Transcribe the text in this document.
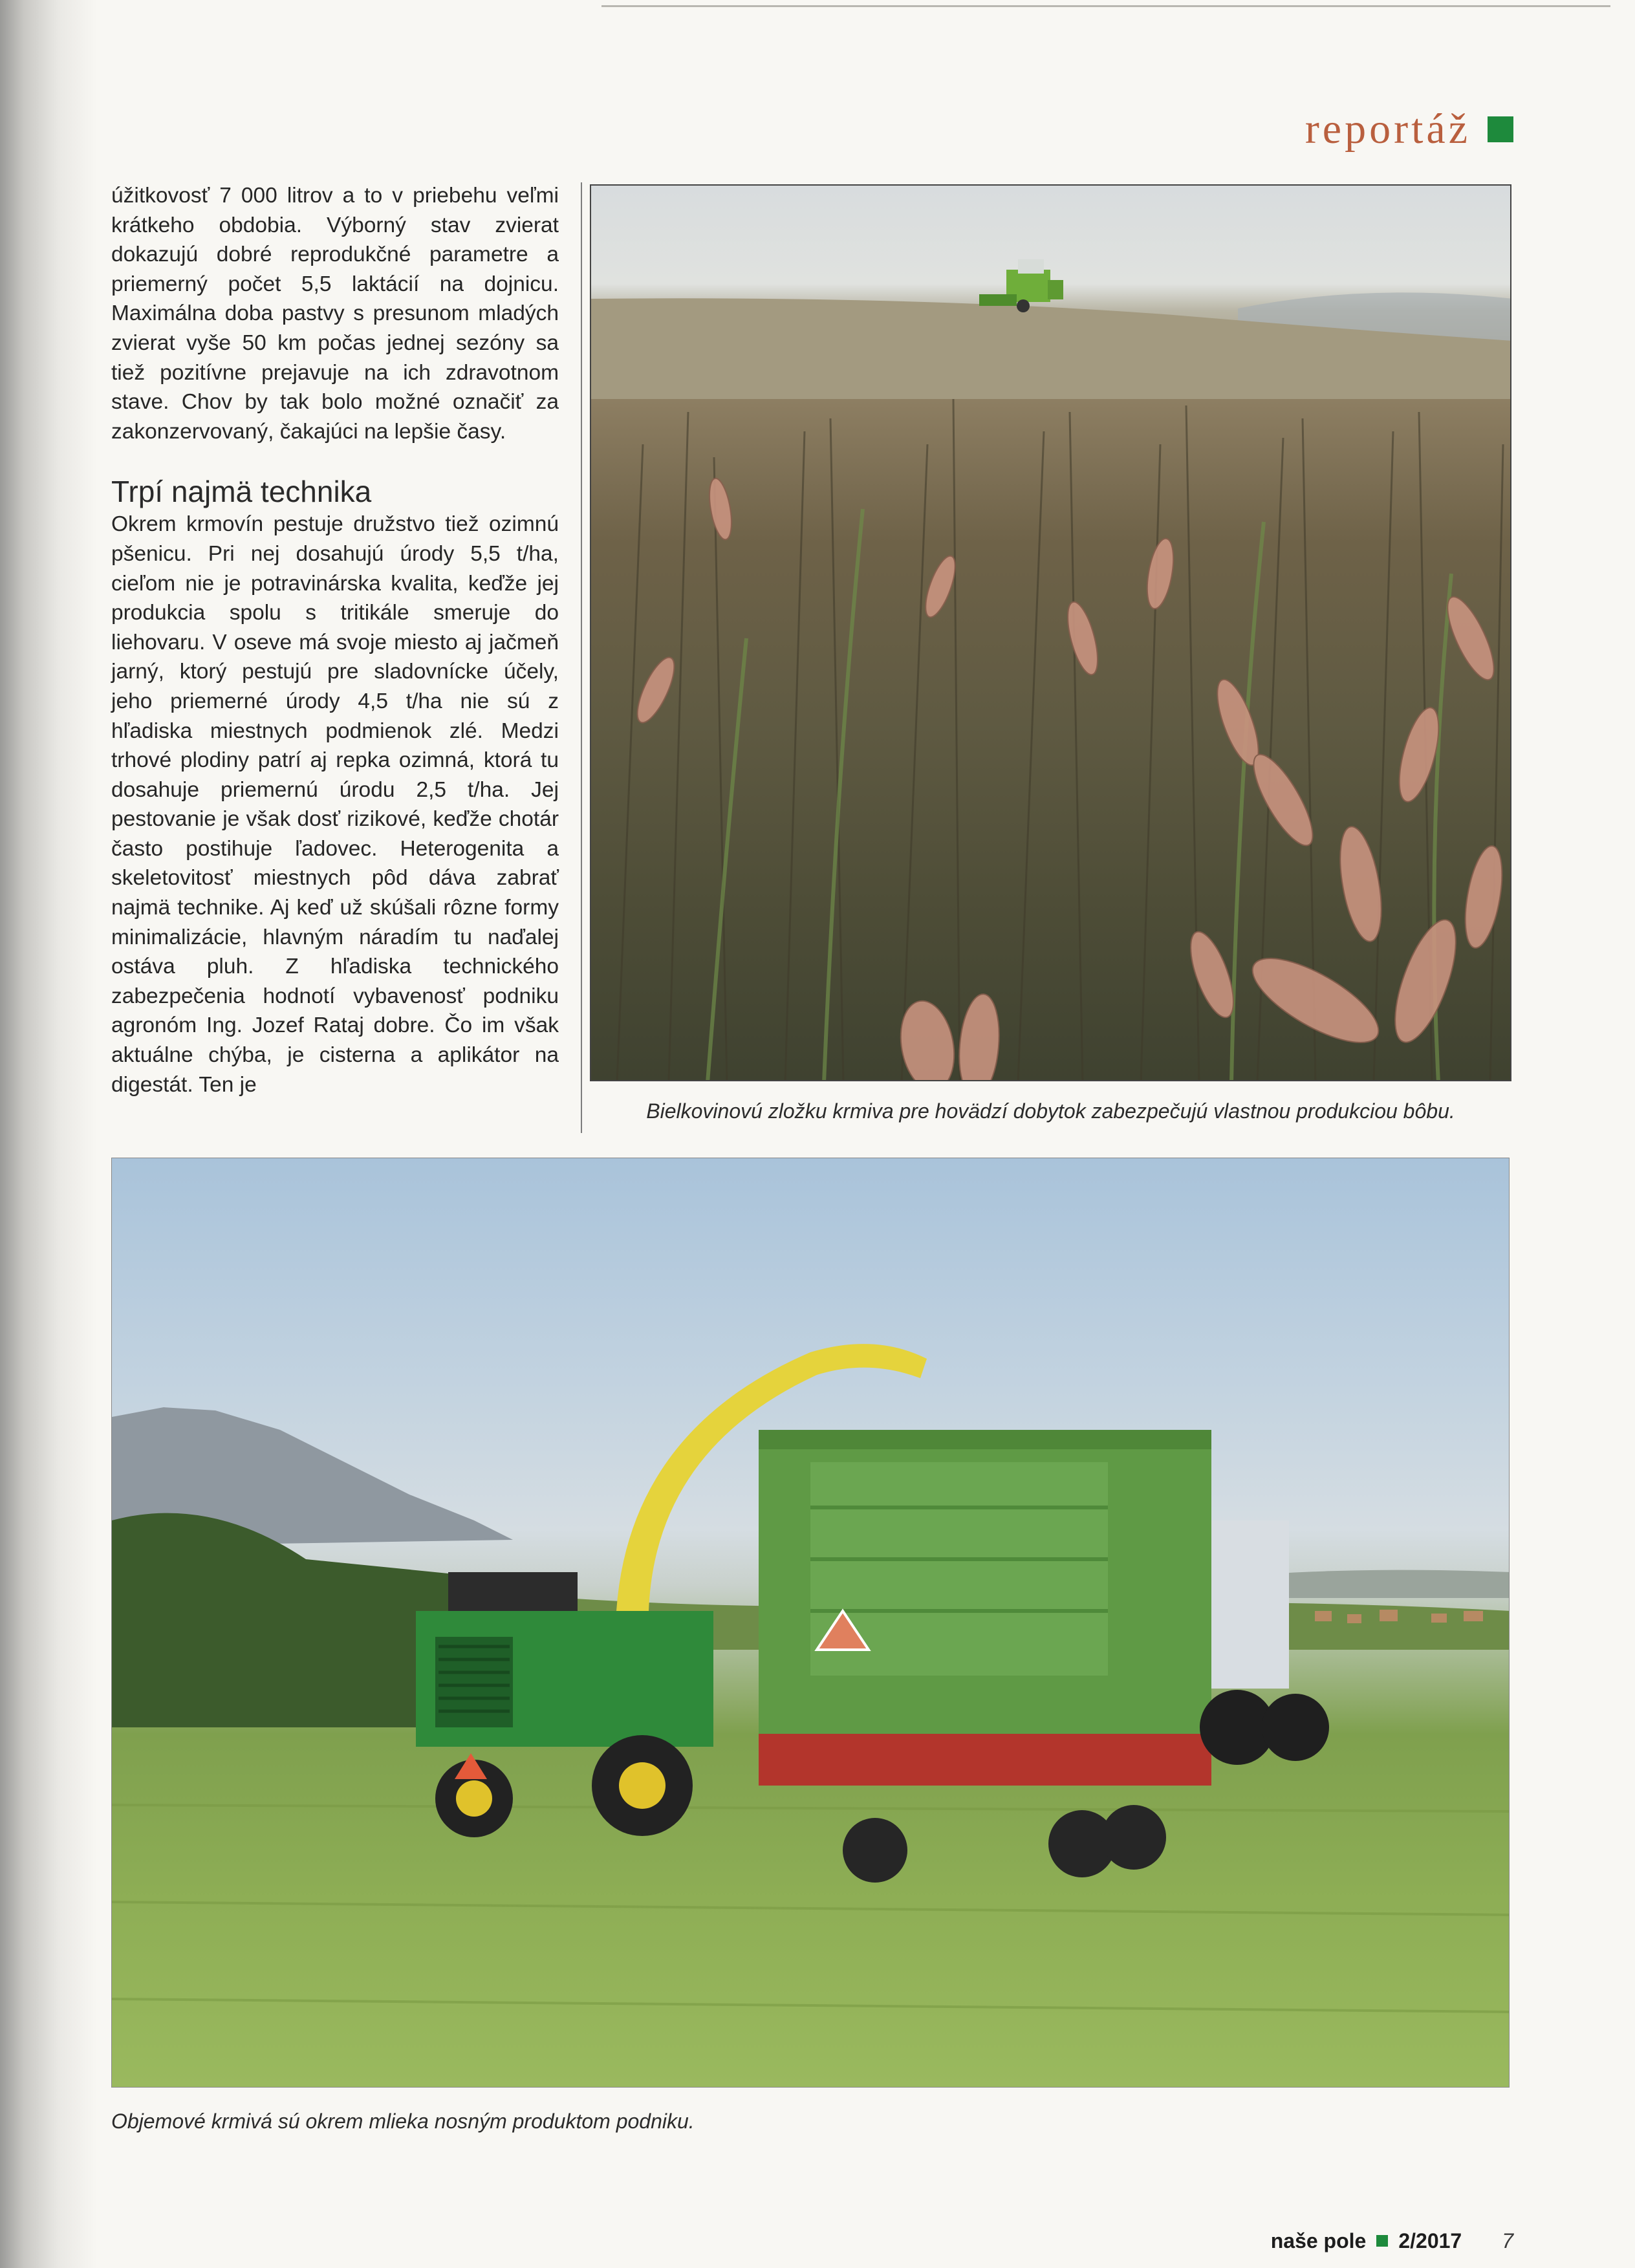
reportáž

úžitkovosť 7 000 litrov a to v priebehu veľmi krátkeho obdobia. Výborný stav zvierat dokazujú dobré reprodukčné parametre a priemerný počet 5,5 laktácií na dojnicu. Maximálna doba pastvy s presunom mladých zvierat vyše 50 km počas jednej sezóny sa tiež pozitívne prejavuje na ich zdravotnom stave. Chov by tak bolo možné označiť za zakonzervovaný, čakajúci na lepšie časy.

Trpí najmä technika

Okrem krmovín pestuje družstvo tiež ozimnú pšenicu. Pri nej dosahujú úrody 5,5 t/ha, cieľom nie je potravinárska kvalita, keďže jej produkcia spolu s tritikále smeruje do liehovaru. V oseve má svoje miesto aj jačmeň jarný, ktorý pestujú pre sladovnícke účely, jeho priemerné úrody 4,5 t/ha nie sú z hľadiska miestnych podmienok zlé. Medzi trhové plodiny patrí aj repka ozimná, ktorá tu dosahuje priemernú úrodu 2,5 t/ha. Jej pestovanie je však dosť rizikové, keďže chotár často postihuje ľadovec. Heterogenita a skeletovitosť miestnych pôd dáva zabrať najmä technike. Aj keď už skúšali rôzne formy minimalizácie, hlavným náradím tu naďalej ostáva pluh. Z hľadiska technického zabezpečenia hodnotí vybavenosť podniku agronóm Ing. Jozef Rataj dobre. Čo im však aktuálne chýba, je cisterna a aplikátor na digestát. Ten je

Bielkovinovú zložku krmiva pre hovädzí dobytok zabezpečujú vlastnou produkciou bôbu.
Objemové krmivá sú okrem mlieka nosným produktom podniku.
naše pole 2/2017 7
